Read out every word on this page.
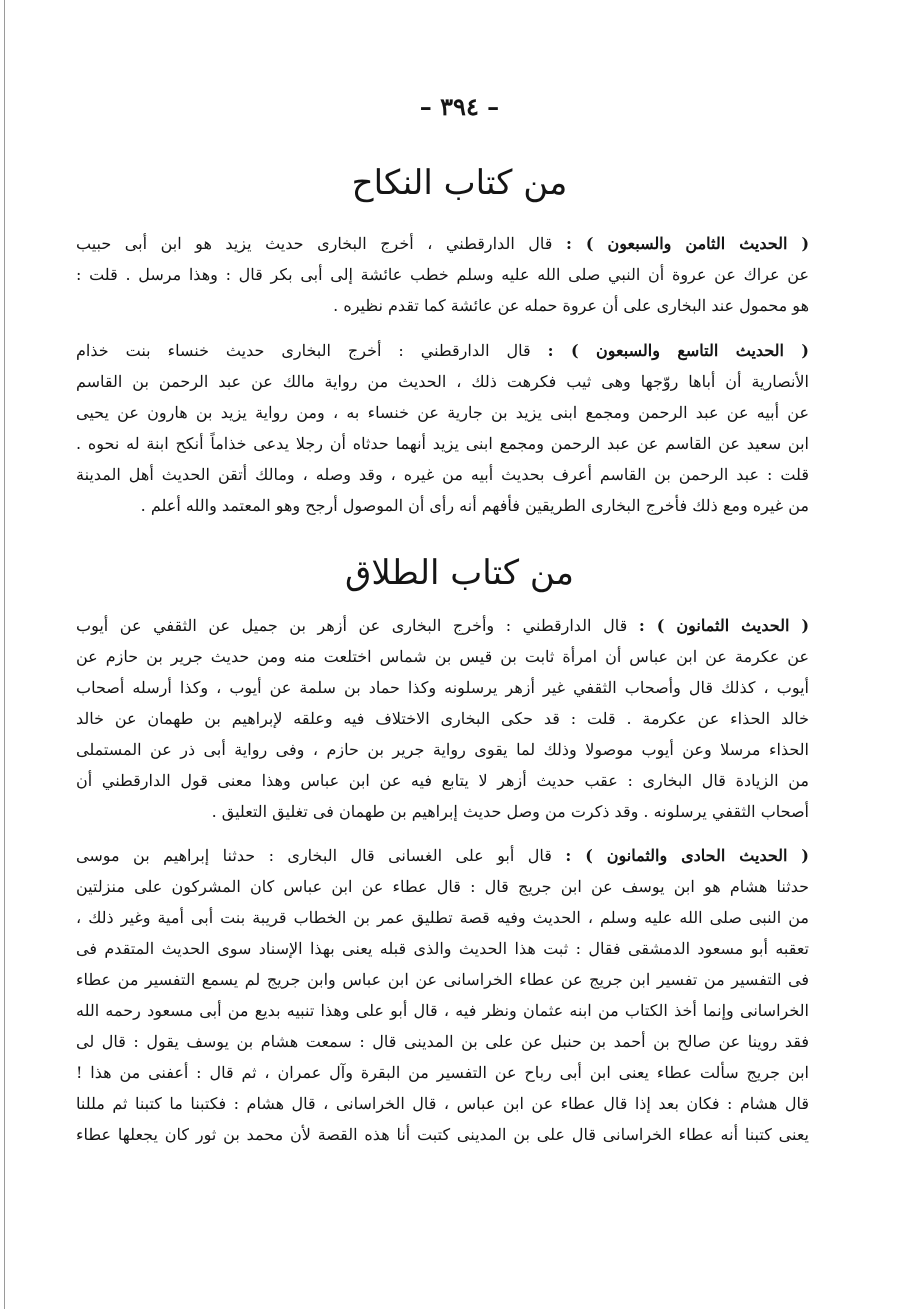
– ٣٩٤ –
من كتاب النكاح
( الحديث الثامن والسبعون ) : قال الدارقطني ، أخرج البخارى حديث يزيد هو ابن أبى حبيب
عن عراك عن عروة أن النبي صلى الله عليه وسلم خطب عائشة إلى أبى بكر قال : وهذا مرسل . قلت :
هو محمول عند البخارى على أن عروة حمله عن عائشة كما تقدم نظيره .
( الحديث التاسع والسبعون ) : قال الدارقطني : أخرج البخارى حديث خنساء بنت خذام
الأنصارية أن أباها روّجها وهى ثيب فكرهت ذلك ، الحديث من رواية مالك عن عبد الرحمن بن القاسم
عن أبيه عن عبد الرحمن ومجمع ابنى يزيد بن جارية عن خنساء به ، ومن رواية يزيد بن هارون عن يحيى
ابن سعيد عن القاسم عن عبد الرحمن ومجمع ابنى يزيد أنهما حدثاه أن رجلا يدعى خذاماً أنكح ابنة له نحوه .
قلت : عبد الرحمن بن القاسم أعرف بحديث أبيه من غيره ، وقد وصله ، ومالك أتقن الحديث أهل المدينة
من غيره ومع ذلك فأخرج البخارى الطريقين فأفهم أنه رأى أن الموصول أرجح وهو المعتمد والله أعلم .
من كتاب الطلاق
( الحديث الثمانون ) : قال الدارقطني : وأخرج البخارى عن أزهر بن جميل عن الثقفي عن أيوب
عن عكرمة عن ابن عباس أن امرأة ثابت بن قيس بن شماس اختلعت منه ومن حديث جرير بن حازم عن
أيوب ، كذلك قال وأصحاب الثقفي غير أزهر يرسلونه وكذا حماد بن سلمة عن أيوب ، وكذا أرسله أصحاب
خالد الحذاء عن عكرمة . قلت : قد حكى البخارى الاختلاف فيه وعلقه لإبراهيم بن طهمان عن خالد
الحذاء مرسلا وعن أيوب موصولا وذلك لما يقوى رواية جرير بن حازم ، وفى رواية أبى ذر عن المستملى
من الزيادة قال البخارى : عقب حديث أزهر لا يتابع فيه عن ابن عباس وهذا معنى قول الدارقطني أن
أصحاب الثقفي يرسلونه . وقد ذكرت من وصل حديث إبراهيم بن طهمان فى تغليق التعليق .
( الحديث الحادى والثمانون ) : قال أبو على الغسانى قال البخارى : حدثنا إبراهيم بن موسى
حدثنا هشام هو ابن يوسف عن ابن جريج قال : قال عطاء عن ابن عباس كان المشركون على منزلتين
من النبى صلى الله عليه وسلم ، الحديث وفيه قصة تطليق عمر بن الخطاب قريبة بنت أبى أمية وغير ذلك ،
تعقبه أبو مسعود الدمشقى فقال : ثبت هذا الحديث والذى قبله يعنى بهذا الإسناد سوى الحديث المتقدم فى
فى التفسير من تفسير ابن جريج عن عطاء الخراسانى عن ابن عباس وابن جريج لم يسمع التفسير من عطاء
الخراسانى وإنما أخذ الكتاب من ابنه عثمان ونظر فيه ، قال أبو على وهذا تنبيه بديع من أبى مسعود رحمه الله
فقد روينا عن صالح بن أحمد بن حنبل عن على بن المدينى قال : سمعت هشام بن يوسف يقول : قال لى
ابن جريج سألت عطاء يعنى ابن أبى رباح عن التفسير من البقرة وآل عمران ، ثم قال : أعفنى من هذا !
قال هشام : فكان بعد إذا قال عطاء عن ابن عباس ، قال الخراسانى ، قال هشام : فكتبنا ما كتبنا ثم مللنا
يعنى كتبنا أنه عطاء الخراسانى قال على بن المدينى كتبت أنا هذه القصة لأن محمد بن ثور كان يجعلها عطاء
